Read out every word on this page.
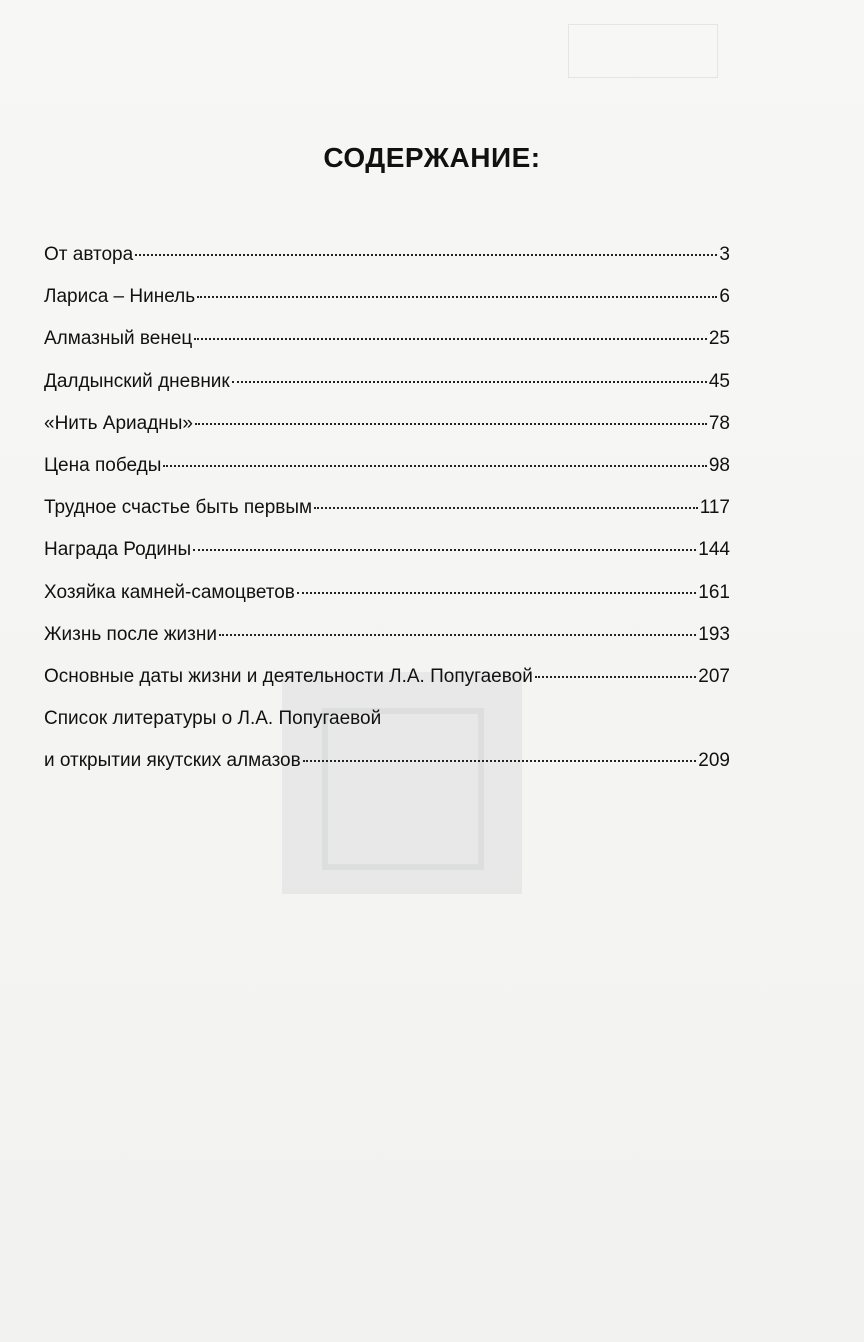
СОДЕРЖАНИЕ:
От автора	3
Лариса – Нинель	6
Алмазный венец	25
Далдынский дневник	45
«Нить Ариадны»	78
Цена победы	98
Трудное счастье быть первым	117
Награда Родины	144
Хозяйка камней-самоцветов	161
Жизнь после жизни	193
Основные даты жизни и деятельности Л.А. Попугаевой	207
Список литературы о Л.А. Попугаевой
и открытии якутских алмазов	209
